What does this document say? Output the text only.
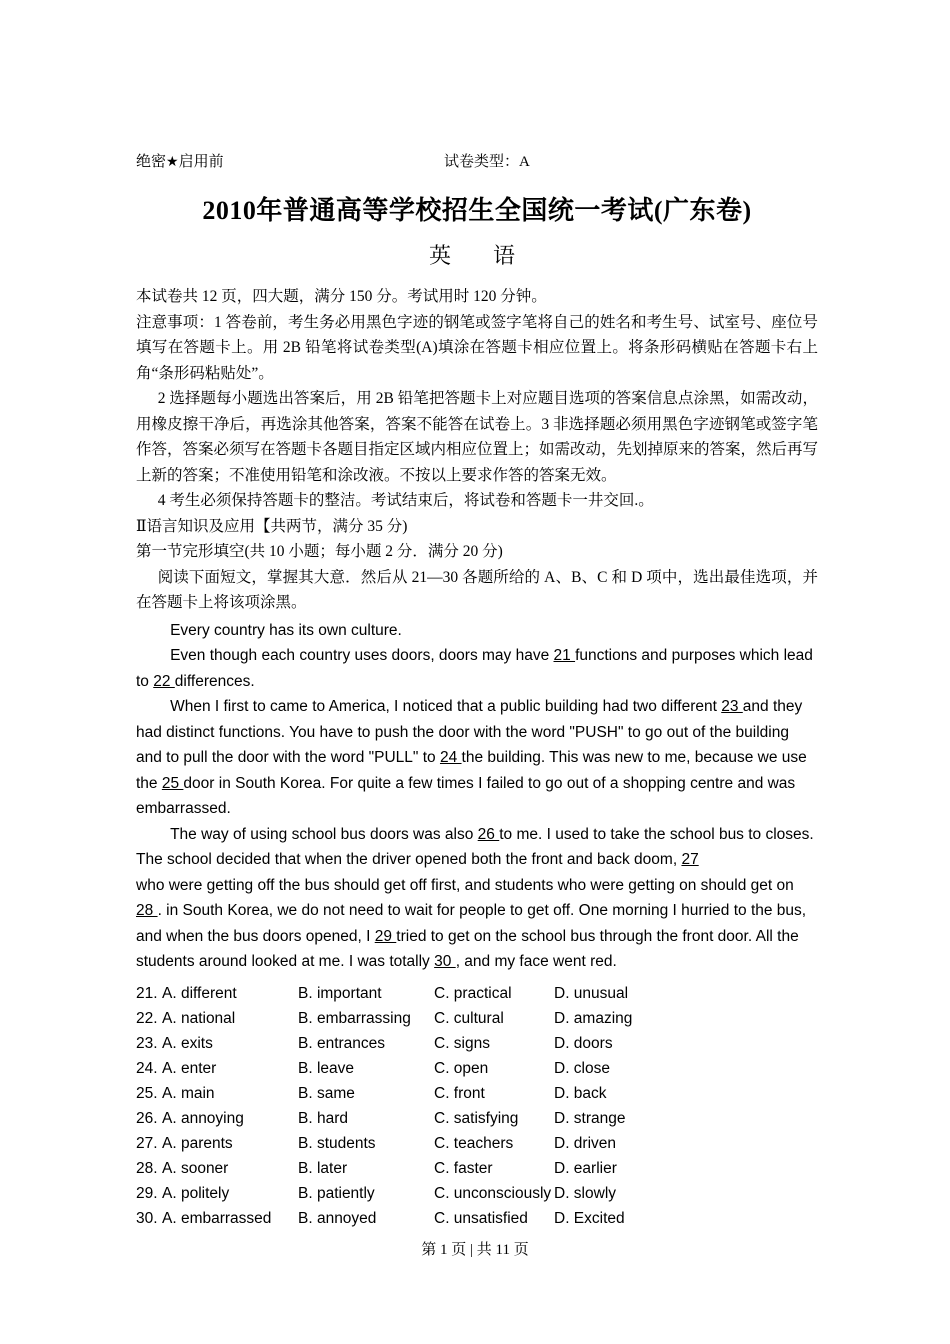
绝密★启用前	试卷类型：A
2010年普通高等学校招生全国统一考试(广东卷)
英　语

本试卷共 12 页，四大题，满分 150 分。考试用时 120 分钟。

注意事项：1 答卷前，考生务必用黑色字迹的钢笔或签字笔将自己的姓名和考生号、试室号、座位号填写在答题卡上。用 2B 铅笔将试卷类型(A)填涂在答题卡相应位置上。将条形码横贴在答题卡右上角“条形码粘贴处”。

2 选择题每小题选出答案后，用 2B 铅笔把答题卡上对应题目选项的答案信息点涂黑，如需改动，用橡皮擦干净后，再选涂其他答案，答案不能答在试卷上。3 非选择题必须用黑色字迹钢笔或签字笔作答，答案必须写在答题卡各题目指定区域内相应位置上；如需改动，先划掉原来的答案，然后再写上新的答案；不准使用铅笔和涂改液。不按以上要求作答的答案无效。

4 考生必须保持答题卡的整洁。考试结束后，将试卷和答题卡一井交回.。

Ⅱ语言知识及应用【共两节，满分 35 分)

第一节完形填空(共 10 小题；每小题 2 分．满分 20 分)

阅读下面短文，掌握其大意．然后从 21—30 各题所给的 A、B、C 和 D 项中，选出最佳选项，并在答题卡上将该项涂黑。

Every country has its own culture.

Even though each country uses doors, doors may have 21 functions and purposes which lead to 22 differences.

When I first to came to America, I noticed that a public building had two different 23 and they had distinct functions. You have to push the door with the word "PUSH" to go out of the building and to pull the door with the word "PULL" to 24 the building. This was new to me, because we use the 25 door in South Korea. For quite a few times I failed to go out of a shopping centre and was embarrassed.

The way of using school bus doors was also 26 to me. I used to take the school bus to closes. The school decided that when the driver opened both the front and back doom, 27

who were getting off the bus should get off first, and students who were getting on should get on 28 . in South Korea, we do not need to wait for people to get off. One morning I hurried to the bus, and when the bus doors opened, I 29 tried to get on the school bus through the front door. All the students around looked at me. I was totally 30 , and my face went red.

21. A. different	B. important	C. practical	D. unusual
22. A. national	B. embarrassing C. cultural	D. amazing
23. A. exits	B. entrances	C. signs	D. doors
24. A. enter	B. leave	C. open	D. close
25. A. main	B. same	C. front	D. back
26. A. annoying	B. hard	C. satisfying D. strange
27. A. parents	B. students	C. teachers	D. driven
28. A. sooner	B. later	C. faster	D. earlier
29. A. politely	B. patiently	C. unconsciously D. slowly
30. A. embarrassed B. annoyed	C. unsatisfied D. Excited
第 1 页 | 共 11 页
